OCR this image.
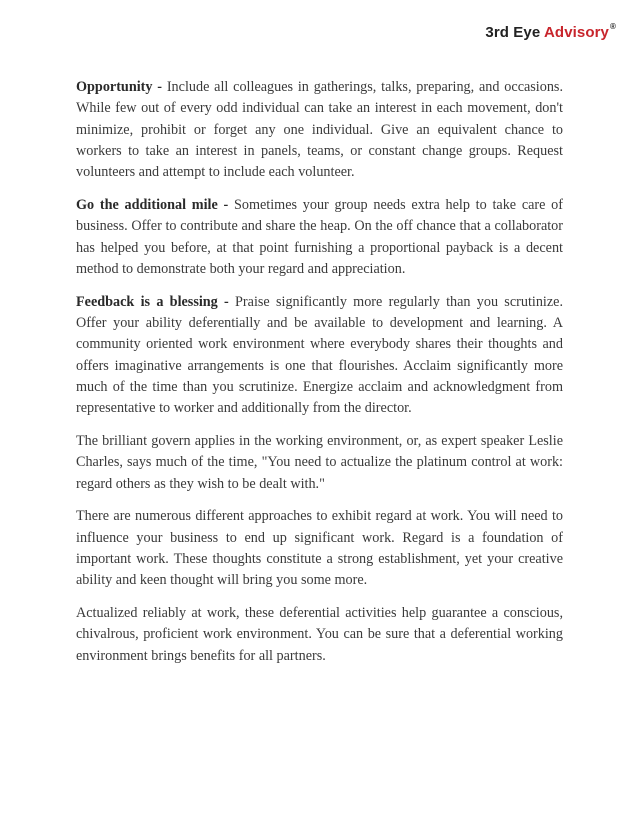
3rd Eye Advisory®

Opportunity - Include all colleagues in gatherings, talks, preparing, and occasions. While few out of every odd individual can take an interest in each movement, don't minimize, prohibit or forget any one individual. Give an equivalent chance to workers to take an interest in panels, teams, or constant change groups. Request volunteers and attempt to include each volunteer.

Go the additional mile - Sometimes your group needs extra help to take care of business. Offer to contribute and share the heap. On the off chance that a collaborator has helped you before, at that point furnishing a proportional payback is a decent method to demonstrate both your regard and appreciation.

Feedback is a blessing - Praise significantly more regularly than you scrutinize. Offer your ability deferentially and be available to development and learning. A community oriented work environment where everybody shares their thoughts and offers imaginative arrangements is one that flourishes. Acclaim significantly more much of the time than you scrutinize. Energize acclaim and acknowledgment from representative to worker and additionally from the director.

The brilliant govern applies in the working environment, or, as expert speaker Leslie Charles, says much of the time, "You need to actualize the platinum control at work: regard others as they wish to be dealt with."

There are numerous different approaches to exhibit regard at work. You will need to influence your business to end up significant work. Regard is a foundation of important work. These thoughts constitute a strong establishment, yet your creative ability and keen thought will bring you some more.

Actualized reliably at work, these deferential activities help guarantee a conscious, chivalrous, proficient work environment. You can be sure that a deferential working environment brings benefits for all partners.
